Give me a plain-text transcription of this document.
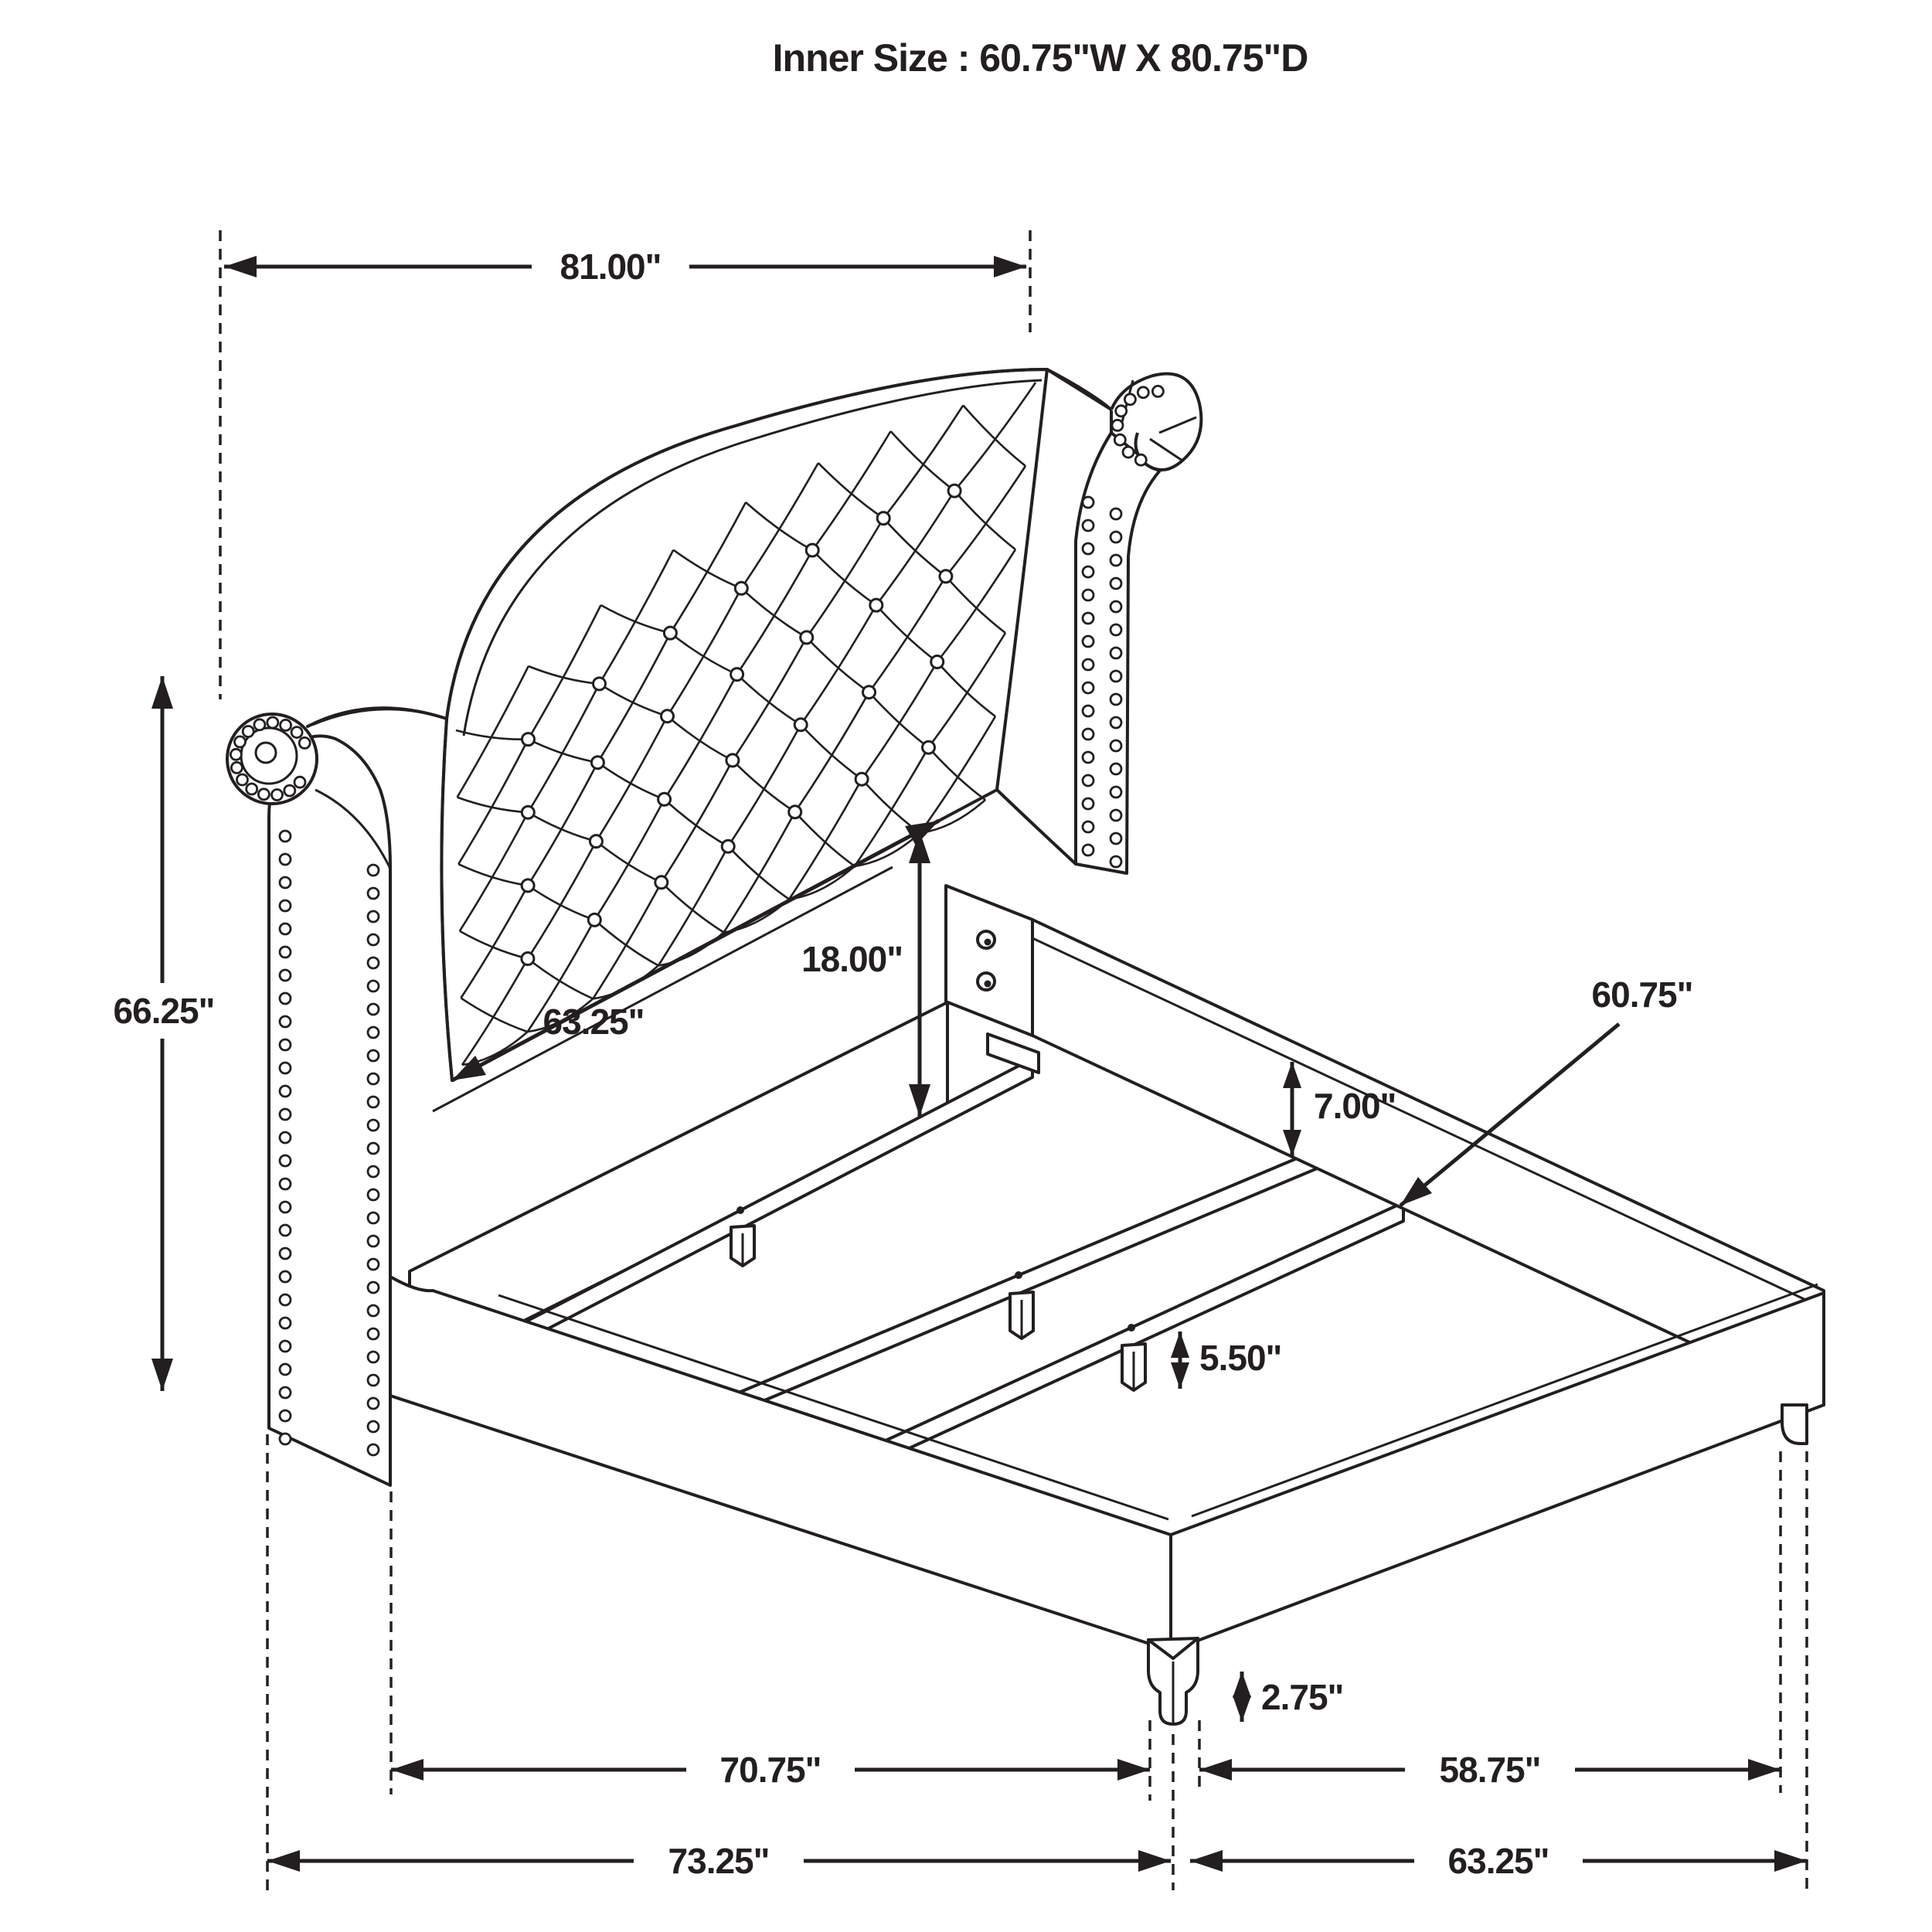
Inner Size : 60.75"W X 80.75"D
81.00"
66.25"	63.25"
18.00"
7.00"
60.75"
5.50"
2.75"
70.75"	58.75"
73.25"	63.25"
